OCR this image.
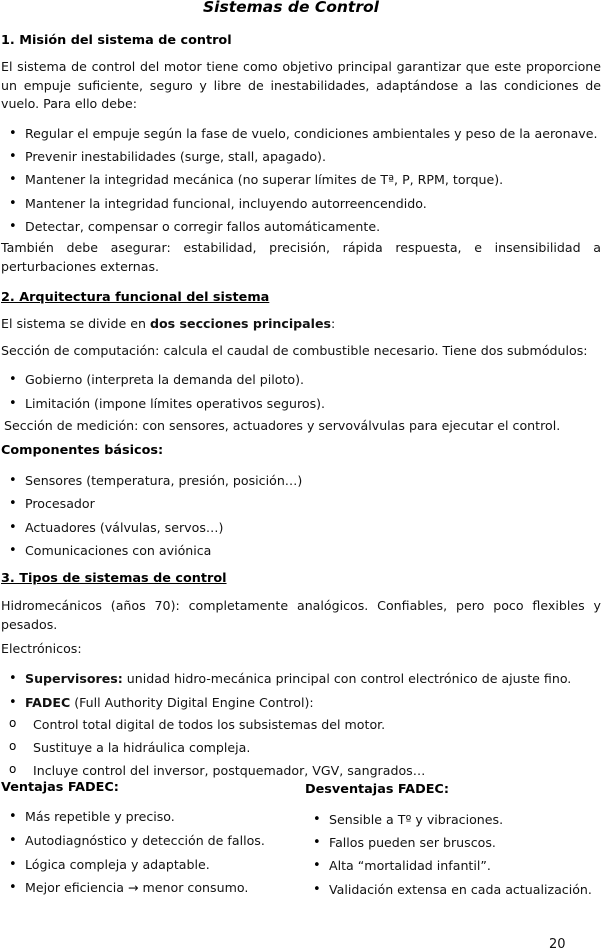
Sistemas de Control
1. Misión del sistema de control
El sistema de control del motor tiene como objetivo principal garantizar que este proporcione un empuje suficiente, seguro y libre de inestabilidades, adaptándose a las condiciones de vuelo. Para ello debe:
• Regular el empuje según la fase de vuelo, condiciones ambientales y peso de la aeronave.
• Prevenir inestabilidades (surge, stall, apagado).
• Mantener la integridad mecánica (no superar límites de Tª, P, RPM, torque).
• Mantener la integridad funcional, incluyendo autorreencendido.
• Detectar, compensar o corregir fallos automáticamente.
También debe asegurar: estabilidad, precisión, rápida respuesta, e insensibilidad a perturbaciones externas.
2. Arquitectura funcional del sistema
El sistema se divide en dos secciones principales:
Sección de computación: calcula el caudal de combustible necesario. Tiene dos submódulos:
• Gobierno (interpreta la demanda del piloto).
• Limitación (impone límites operativos seguros).
Sección de medición: con sensores, actuadores y servoválvulas para ejecutar el control.
Componentes básicos:
• Sensores (temperatura, presión, posición…)
• Procesador
• Actuadores (válvulas, servos…)
• Comunicaciones con aviónica
3. Tipos de sistemas de control
Hidromecánicos (años 70): completamente analógicos. Confiables, pero poco flexibles y pesados.
Electrónicos:
• Supervisores: unidad hidro-mecánica principal con control electrónico de ajuste fino.
• FADEC (Full Authority Digital Engine Control):
o Control total digital de todos los subsistemas del motor.
o Sustituye a la hidráulica compleja.
o Incluye control del inversor, postquemador, VGV, sangrados…
Ventajas FADEC:
• Más repetible y preciso.
• Autodiagnóstico y detección de fallos.
• Lógica compleja y adaptable.
• Mejor eficiencia → menor consumo.
Desventajas FADEC:
• Sensible a Tº y vibraciones.
• Fallos pueden ser bruscos.
• Alta “mortalidad infantil”.
• Validación extensa en cada actualización.
20
